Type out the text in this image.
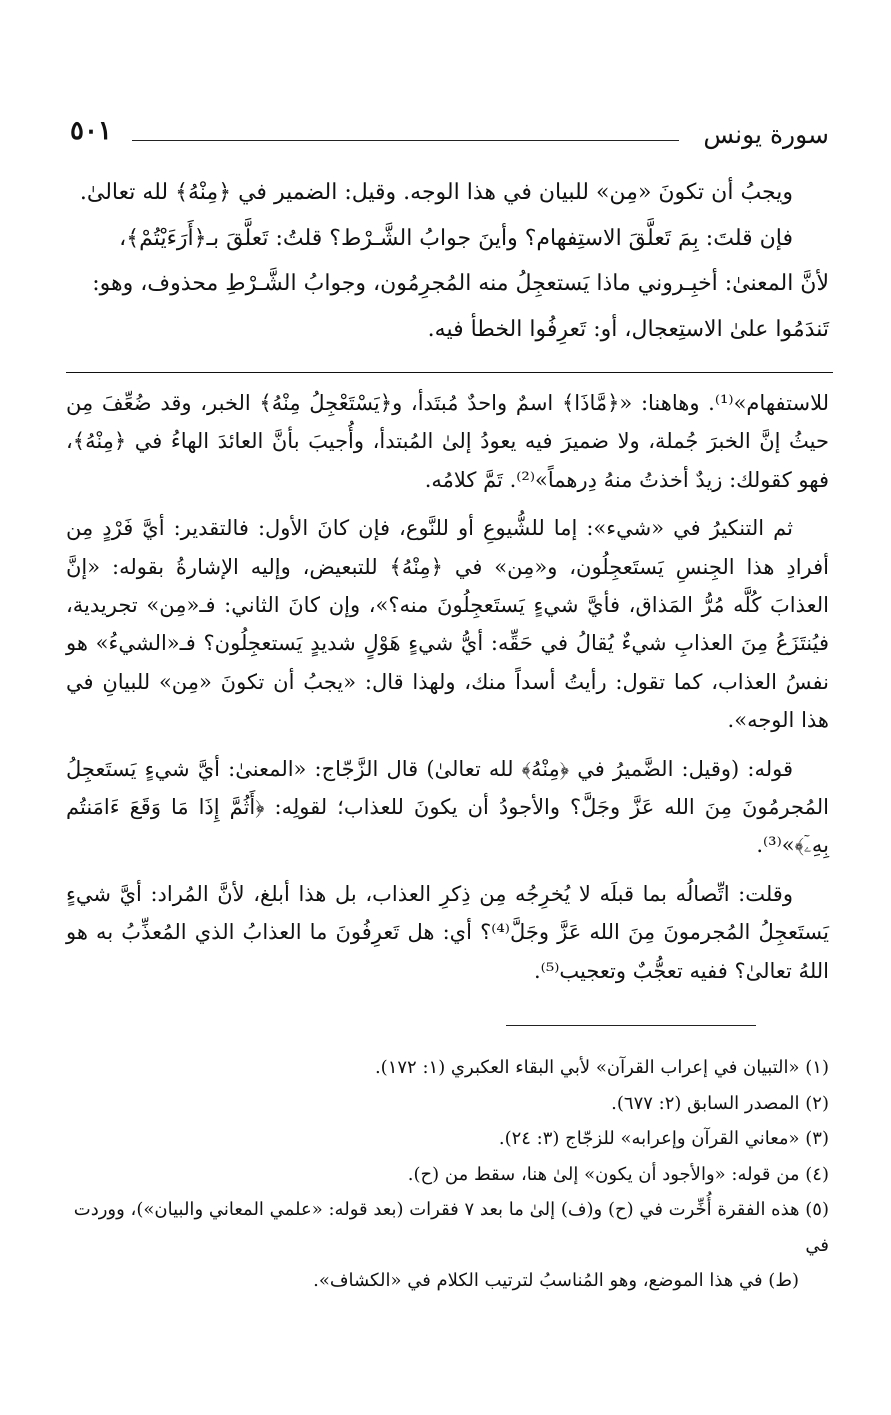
سورة يونس
٥٠١

ويجبُ أن تكونَ «مِن» للبيان في هذا الوجه. وقيل: الضمير في ﴿مِنْهُ﴾ لله تعالىٰ.

فإن قلتَ: بِمَ تَعلَّقَ الاستِفهام؟ وأينَ جوابُ الشَّـرْط؟ قلتُ: تَعلَّقَ بـ﴿أَرَءَيْتُمْ﴾،

لأنَّ المعنىٰ: أخبِـروني ماذا يَستعجِلُ منه المُجرِمُون، وجوابُ الشَّـرْطِ محذوف، وهو:

تَندَمُوا علىٰ الاستِعجال، أو: تَعرِفُوا الخطأ فيه.

للاستفهام»⁽¹⁾. وهاهنا: «﴿مَّاذَا﴾ اسمٌ واحدٌ مُبتَدأ، و﴿يَسْتَعْجِلُ مِنْهُ﴾ الخبر، وقد ضُعِّفَ مِن حيثُ إنَّ الخبرَ جُملة، ولا ضميرَ فيه يعودُ إلىٰ المُبتدأ، وأُجيبَ بأنَّ العائدَ الهاءُ في ﴿مِنْهُ﴾، فهو كقولك: زيدٌ أخذتُ منهُ دِرهماً»⁽²⁾. تَمَّ كلامُه.

ثم التنكيرُ في «شيء»: إما للشُّيوعِ أو للنَّوع، فإن كانَ الأول: فالتقدير: أيَّ فَرْدٍ مِن أفرادِ هذا الجِنسِ يَستَعجِلُون، و«مِن» في ﴿مِنْهُ﴾ للتبعيض، وإليه الإشارةُ بقوله: «إنَّ العذابَ كُلَّه مُرُّ المَذاق، فأيَّ شيءٍ يَستَعجِلُونَ منه؟»، وإن كانَ الثاني: فـ«مِن» تجريدية، فيُنتَزَعُ مِنَ العذابِ شيءٌ يُقالُ في حَقِّه: أيُّ شيءٍ هَوْلٍ شديدٍ يَستعجِلُون؟ فـ«الشيءُ» هو نفسُ العذاب، كما تقول: رأيتُ أسداً منك، ولهذا قال: «يجبُ أن تكونَ «مِن» للبيانِ في هذا الوجه».

قوله: (وقيل: الضَّميرُ في ﴿مِنْهُ﴾ لله تعالىٰ) قال الزَّجّاج: «المعنىٰ: أيَّ شيءٍ يَستَعجِلُ المُجرمُونَ مِنَ الله عَزَّ وجَلَّ؟ والأجودُ أن يكونَ للعذاب؛ لقولِه: ﴿أَثُمَّ إِذَا مَا وَقَعَ ءَامَنتُم بِهِۦٓ﴾»⁽³⁾.

وقلت: اتِّصالُه بما قبلَه لا يُخرِجُه مِن ذِكرِ العذاب، بل هذا أبلغ، لأنَّ المُراد: أيَّ شيءٍ يَستَعجِلُ المُجرمونَ مِنَ الله عَزَّ وجَلَّ⁽⁴⁾؟ أي: هل تَعرِفُونَ ما العذابُ الذي المُعذِّبُ به هو اللهُ تعالىٰ؟ ففيه تعجُّبٌ وتعجيب⁽⁵⁾.

(١) «التبيان في إعراب القرآن» لأبي البقاء العكبري (١: ١٧٢).

(٢) المصدر السابق (٢: ٦٧٧).

(٣) «معاني القرآن وإعرابه» للزجّاج (٣: ٢٤).

(٤) من قوله: «والأجود أن يكون» إلىٰ هنا، سقط من (ح).

(٥) هذه الفقرة أُخِّرت في (ح) و(ف) إلىٰ ما بعد ٧ فقرات (بعد قوله: «علمي المعاني والبيان»)، ووردت في

(ط) في هذا الموضع، وهو المُناسبُ لترتيب الكلام في «الكشاف».
